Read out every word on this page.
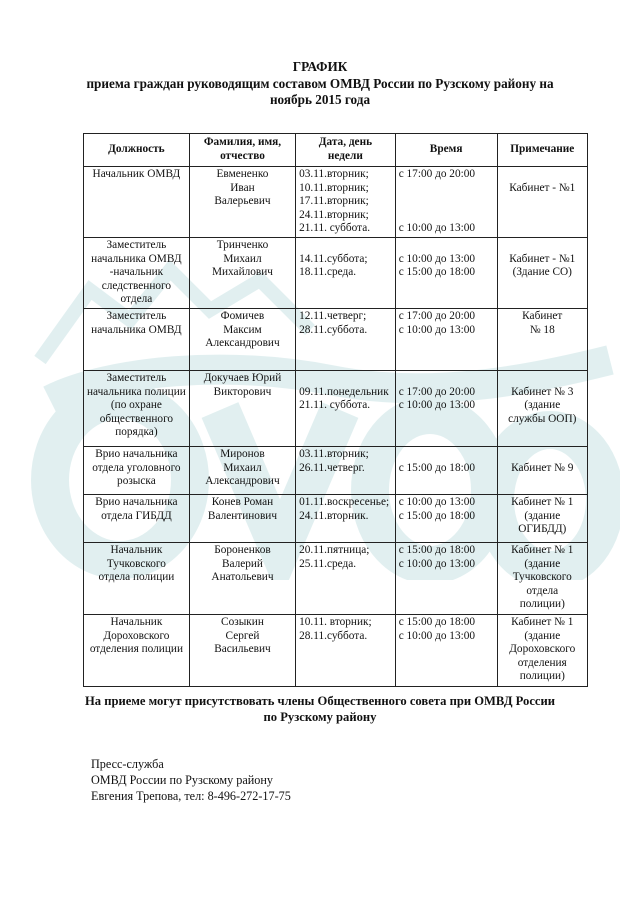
ГРАФИК
приема граждан руководящим составом ОМВД России по Рузскому району на
ноябрь 2015 года
Должность	Фамилия, имя,
отчество	Дата, день
недели	Время	Примечание

Начальник ОМВД	Евмененко
Иван
Валерьевич	03.11.вторник;
10.11.вторник;
17.11.вторник;
24.11.вторник;
21.11. суббота.	с 17:00 до 20:00

с 10:00 до 13:00	Кабинет - №1

Заместитель
начальника ОМВД
-начальник
следственного
отдела	Тринченко
Михаил
Михайлович	14.11.суббота;
18.11.среда.	с 10:00 до 13:00
с 15:00 до 18:00	Кабинет - №1
(Здание СО)

Заместитель
начальника ОМВД	Фомичев
Максим
Александрович	12.11.четверг;
28.11.суббота.	с 17:00 до 20:00
с 10:00 до 13:00	Кабинет
№ 18

Заместитель
начальника полиции
(по охране
общественного
порядка)	Докучаев Юрий
Викторович	09.11.понедельник
21.11. суббота.	с 17:00 до 20:00
с 10:00 до 13:00	Кабинет № 3
(здание
службы ООП)

Врио начальника
отдела уголовного
розыска	Миронов
Михаил
Александрович	03.11.вторник;
26.11.четверг.	с 15:00 до 18:00	Кабинет № 9

Врио начальника
отдела ГИБДД	Конев Роман
Валентинович	01.11.воскресенье;
24.11.вторник.	с 10:00 до 13:00
с 15:00 до 18:00	Кабинет № 1
(здание
ОГИБДД)

Начальник
Тучковского
отдела полиции	Бороненков
Валерий
Анатольевич	20.11.пятница;
25.11.среда.	с 15:00 до 18:00
с 10:00 до 13:00	Кабинет № 1
(здание
Тучковского
отдела
полиции)

Начальник
Дороховского
отделения полиции	Созыкин
Сергей
Васильевич	10.11. вторник;
28.11.суббота.	с 15:00 до 18:00
с 10:00 до 13:00	Кабинет № 1
(здание
Дороховского
отделения
полиции)
На приеме могут присутствовать члены Общественного совета при ОМВД России
по Рузскому району
Пресс-служба
ОМВД России по Рузскому району
Евгения Трепова, тел: 8-496-272-17-75
